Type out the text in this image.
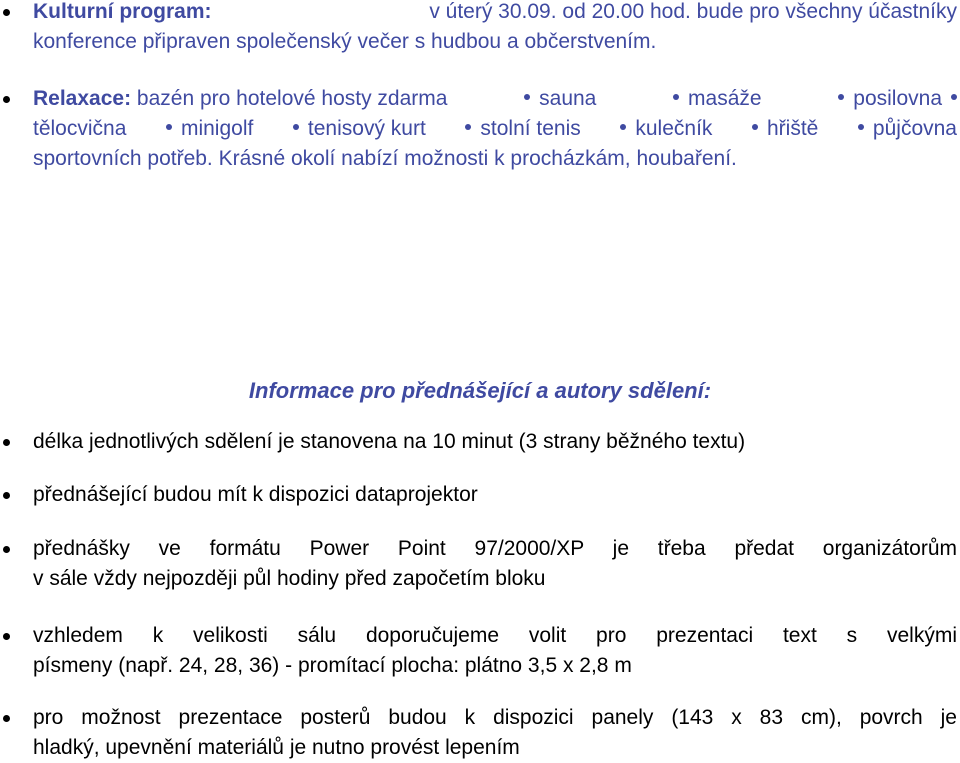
Kulturní program:	v úterý 30.09. od 20.00 hod. bude pro všechny účastníky
konference připraven společenský večer s hudbou a občerstvením.
Relaxace: bazén pro hotelové hosty zdarma	sauna	masáže	posilovna
tělocvična	minigolf	tenisový kurt	stolní tenis	kulečník	hřiště	půjčovna
sportovních potřeb. Krásné okolí nabízí možnosti k procházkám, houbaření.
Informace pro přednášející a autory sdělení:
délka jednotlivých sdělení je stanovena na 10 minut (3 strany běžného textu)
přednášející budou mít k dispozici dataprojektor
přednášky ve formátu Power Point 97/2000/XP je třeba předat organizátorům
v sále vždy nejpozději půl hodiny před započetím bloku
vzhledem k velikosti sálu doporučujeme volit pro prezentaci text s velkými
písmeny (např. 24, 28, 36) - promítací plocha: plátno 3,5 x 2,8 m
pro možnost prezentace posterů budou k dispozici panely (143 x 83 cm), povrch je
hladký, upevnění materiálů je nutno provést lepením
